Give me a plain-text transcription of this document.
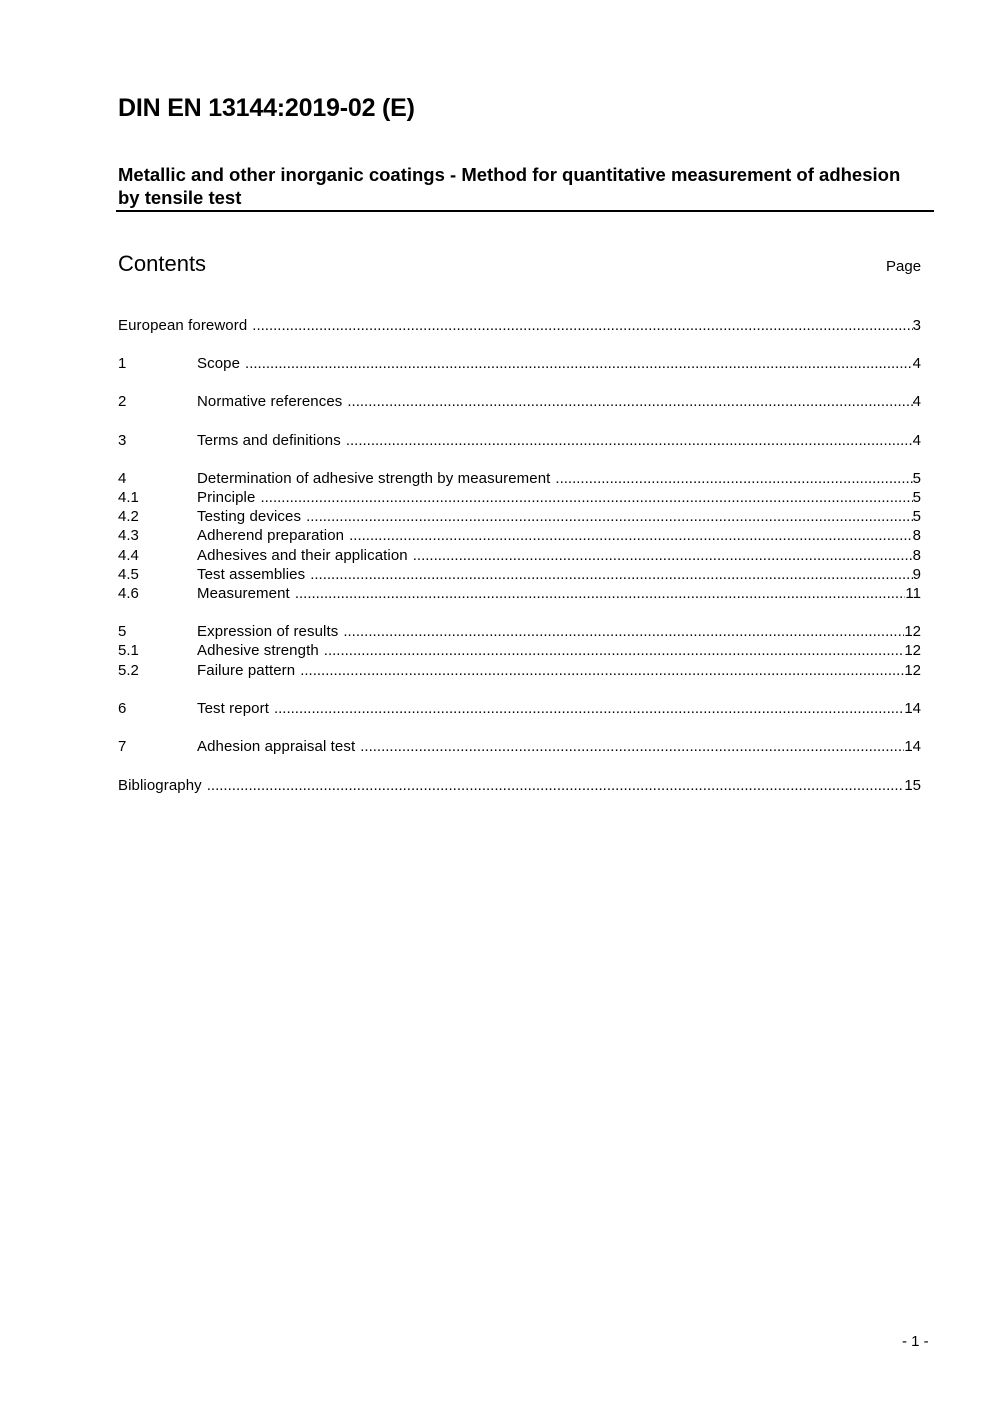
DIN EN 13144:2019-02 (E)
Metallic and other inorganic coatings - Method for quantitative measurement of adhesion by tensile test
Contents	Page
European foreword .....	3
1	Scope .....	4
2	Normative references .....	4
3	Terms and definitions .....	4
4	Determination of adhesive strength by measurement .....	5
4.1	Principle .....	5
4.2	Testing devices .....	5
4.3	Adherend preparation .....	8
4.4	Adhesives and their application .....	8
4.5	Test assemblies .....	9
4.6	Measurement .....	11
5	Expression of results .....	12
5.1	Adhesive strength .....	12
5.2	Failure pattern .....	12
6	Test report .....	14
7	Adhesion appraisal test .....	14
Bibliography .....	15
- 1 -
